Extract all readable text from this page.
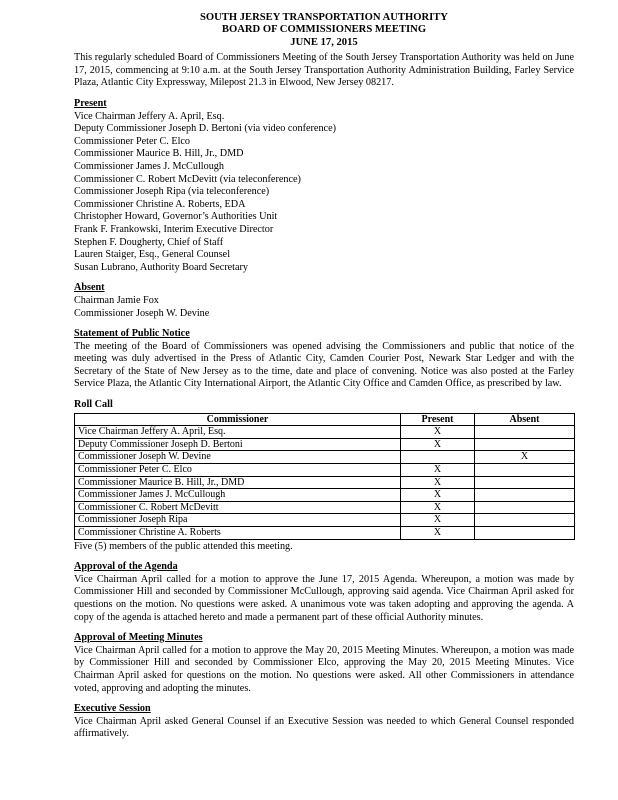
SOUTH JERSEY TRANSPORTATION AUTHORITY
BOARD OF COMMISSIONERS MEETING
JUNE 17, 2015

This regularly scheduled Board of Commissioners Meeting of the South Jersey Transportation Authority was held on June 17, 2015, commencing at 9:10 a.m. at the South Jersey Transportation Authority Administration Building, Farley Service Plaza, Atlantic City Expressway, Milepost 21.3 in Elwood, New Jersey 08217.

Present
Vice Chairman Jeffery A. April, Esq.
Deputy Commissioner Joseph D. Bertoni (via video conference)
Commissioner Peter C. Elco
Commissioner Maurice B. Hill, Jr., DMD
Commissioner James J. McCullough
Commissioner C. Robert McDevitt (via teleconference)
Commissioner Joseph Ripa (via teleconference)
Commissioner Christine A. Roberts, EDA
Christopher Howard, Governor’s Authorities Unit
Frank F. Frankowski, Interim Executive Director
Stephen F. Dougherty, Chief of Staff
Lauren Staiger, Esq., General Counsel
Susan Lubrano, Authority Board Secretary
Absent
Chairman Jamie Fox
Commissioner Joseph W. Devine
Statement of Public Notice

The meeting of the Board of Commissioners was opened advising the Commissioners and public that notice of the meeting was duly advertised in the Press of Atlantic City, Camden Courier Post, Newark Star Ledger and with the Secretary of the State of New Jersey as to the time, date and place of convening. Notice was also posted at the Farley Service Plaza, the Atlantic City International Airport, the Atlantic City Office and Camden Office, as prescribed by law.

Roll Call
Commissioner	Present	Absent
Vice Chairman Jeffery A. April, Esq.	X	
Deputy Commissioner Joseph D. Bertoni	X	
Commissioner Joseph W. Devine		X
Commissioner Peter C. Elco	X	
Commissioner Maurice B. Hill, Jr., DMD	X	
Commissioner James J. McCullough	X	
Commissioner C. Robert McDevitt	X	
Commissioner Joseph Ripa	X	
Commissioner Christine A. Roberts	X	
Five (5) members of the public attended this meeting.
Approval of the Agenda

Vice Chairman April called for a motion to approve the June 17, 2015 Agenda. Whereupon, a motion was made by Commissioner Hill and seconded by Commissioner McCullough, approving said agenda. Vice Chairman April asked for questions on the motion. No questions were asked. A unanimous vote was taken adopting and approving the agenda. A copy of the agenda is attached hereto and made a permanent part of these official Authority minutes.

Approval of Meeting Minutes

Vice Chairman April called for a motion to approve the May 20, 2015 Meeting Minutes. Whereupon, a motion was made by Commissioner Hill and seconded by Commissioner Elco, approving the May 20, 2015 Meeting Minutes. Vice Chairman April asked for questions on the motion. No questions were asked. All other Commissioners in attendance voted, approving and adopting the minutes.

Executive Session

Vice Chairman April asked General Counsel if an Executive Session was needed to which General Counsel responded affirmatively.
